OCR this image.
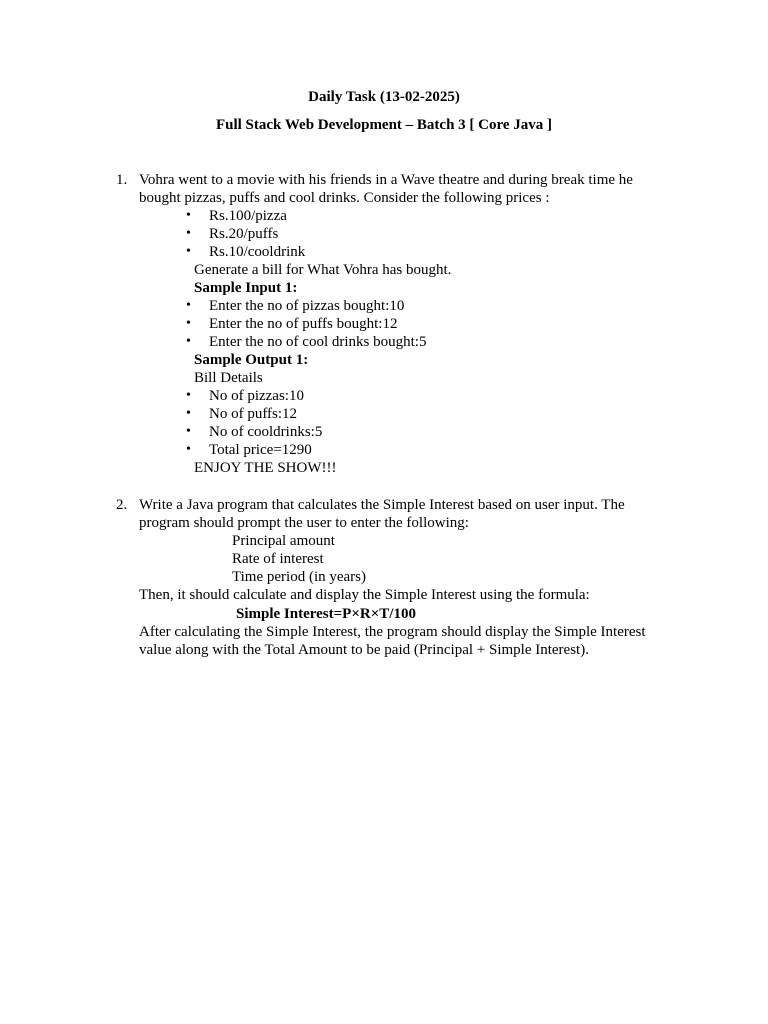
Daily Task (13-02-2025)
Full Stack Web Development – Batch 3 [ Core Java ]
1. Vohra went to a movie with his friends in a Wave theatre and during break time he
bought pizzas, puffs and cool drinks. Consider the following prices :
• Rs.100/pizza
• Rs.20/puffs
• Rs.10/cooldrink
Generate a bill for What Vohra has bought.
Sample Input 1:
• Enter the no of pizzas bought:10
• Enter the no of puffs bought:12
• Enter the no of cool drinks bought:5
Sample Output 1:
Bill Details
• No of pizzas:10
• No of puffs:12
• No of cooldrinks:5
• Total price=1290
ENJOY THE SHOW!!!
2. Write a Java program that calculates the Simple Interest based on user input. The
program should prompt the user to enter the following:
Principal amount
Rate of interest
Time period (in years)
Then, it should calculate and display the Simple Interest using the formula:
Simple Interest=P×R×T/100
After calculating the Simple Interest, the program should display the Simple Interest
value along with the Total Amount to be paid (Principal + Simple Interest).
